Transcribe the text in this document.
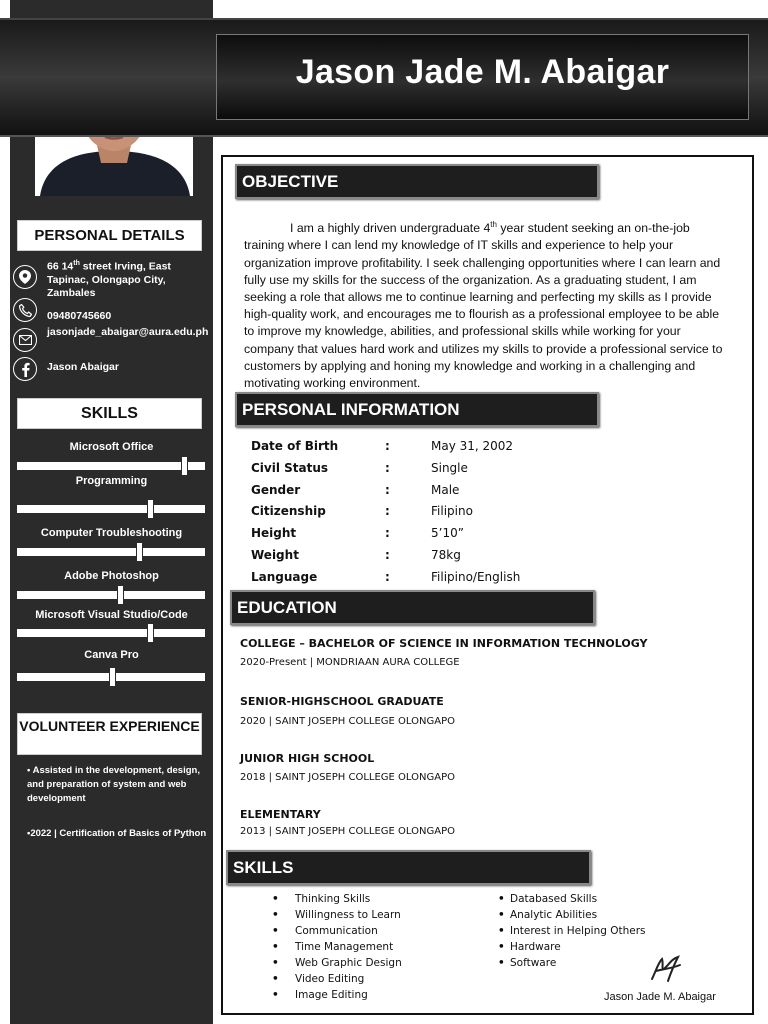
PERSONAL DETAILS
66 14th street Irving, East Tapinac, Olongapo City, Zambales
09480745660
jasonjade_abaigar@aura.edu.ph
Jason Abaigar
SKILLS
Microsoft Office
Programming
Computer Troubleshooting
Adobe Photoshop
Microsoft Visual Studio/Code
Canva Pro
VOLUNTEER EXPERIENCE
• Assisted in the development, design, and preparation of system and web development
•2022 | Certification of Basics of Python
Jason Jade M. Abaigar
OBJECTIVE
I am a highly driven undergraduate 4th year student seeking an on-the-job training where I can lend my knowledge of IT skills and experience to help your organization improve profitability. I seek challenging opportunities where I can learn and fully use my skills for the success of the organization. As a graduating student, I am seeking a role that allows me to continue learning and perfecting my skills as I provide high-quality work, and encourages me to flourish as a professional employee to be able to improve my knowledge, abilities, and professional skills while working for your company that values hard work and utilizes my skills to provide a professional service to customers by applying and honing my knowledge and working in a challenging and motivating working environment.
PERSONAL INFORMATION
Date of Birth	:	May 31, 2002
Civil Status	:	Single
Gender	:	Male
Citizenship	:	Filipino
Height	:	5’10”
Weight	:	78kg
Language	:	Filipino/English
EDUCATION
COLLEGE – BACHELOR OF SCIENCE IN INFORMATION TECHNOLOGY
2020-Present | MONDRIAAN AURA COLLEGE
SENIOR-HIGHSCHOOL GRADUATE
2020 | SAINT JOSEPH COLLEGE OLONGAPO
JUNIOR HIGH SCHOOL
2018 | SAINT JOSEPH COLLEGE OLONGAPO
ELEMENTARY
2013 | SAINT JOSEPH COLLEGE OLONGAPO
SKILLS
• Thinking Skills
• Willingness to Learn
• Communication
• Time Management
• Web Graphic Design
• Video Editing
• Image Editing
• Databased Skills
• Analytic Abilities
• Interest in Helping Others
• Hardware
• Software
Jason Jade M. Abaigar
